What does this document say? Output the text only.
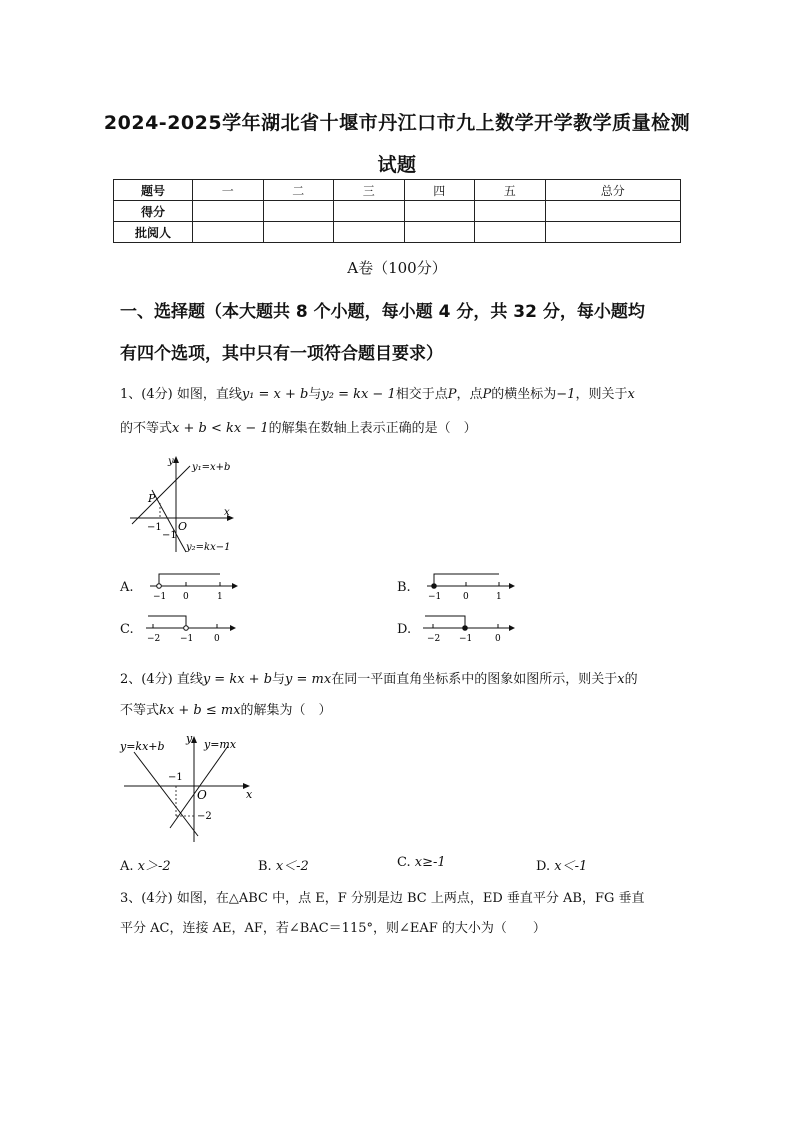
2024-2025学年湖北省十堰市丹江口市九上数学开学教学质量检测
试题
题号	一	二	三	四	五	总分
得分						
批阅人						
A卷（100分）
一、选择题（本大题共 8 个小题，每小题 4 分，共 32 分，每小题均
有四个选项，其中只有一项符合题目要求）
1、(4分) 如图，直线y₁ = x + b与y₂ = kx − 1相交于点P，点P的横坐标为−1，则关于x
的不等式x + b < kx − 1的解集在数轴上表示正确的是（　）
y
y₁=x+b
P
−1 O
x
−1
y₂=kx−1
A.
−1 0	1
B.
−1 0	1
C.
−2 −1 0
D.
−2 −1	0
2、(4分) 直线y = kx + b与y = mx在同一平面直角坐标系中的图象如图所示，则关于x的
不等式kx + b ≤ mx的解集为（　）
y=kx+b
y y=mx
−1
O	x
−2
A. x＞-2	B. x＜-2	C. x≥-1	D. x＜-1
3、(4分) 如图，在△ABC 中，点 E，F 分别是边 BC 上两点，ED 垂直平分 AB，FG 垂直
平分 AC，连接 AE，AF，若∠BAC＝115°，则∠EAF 的大小为（　　）
